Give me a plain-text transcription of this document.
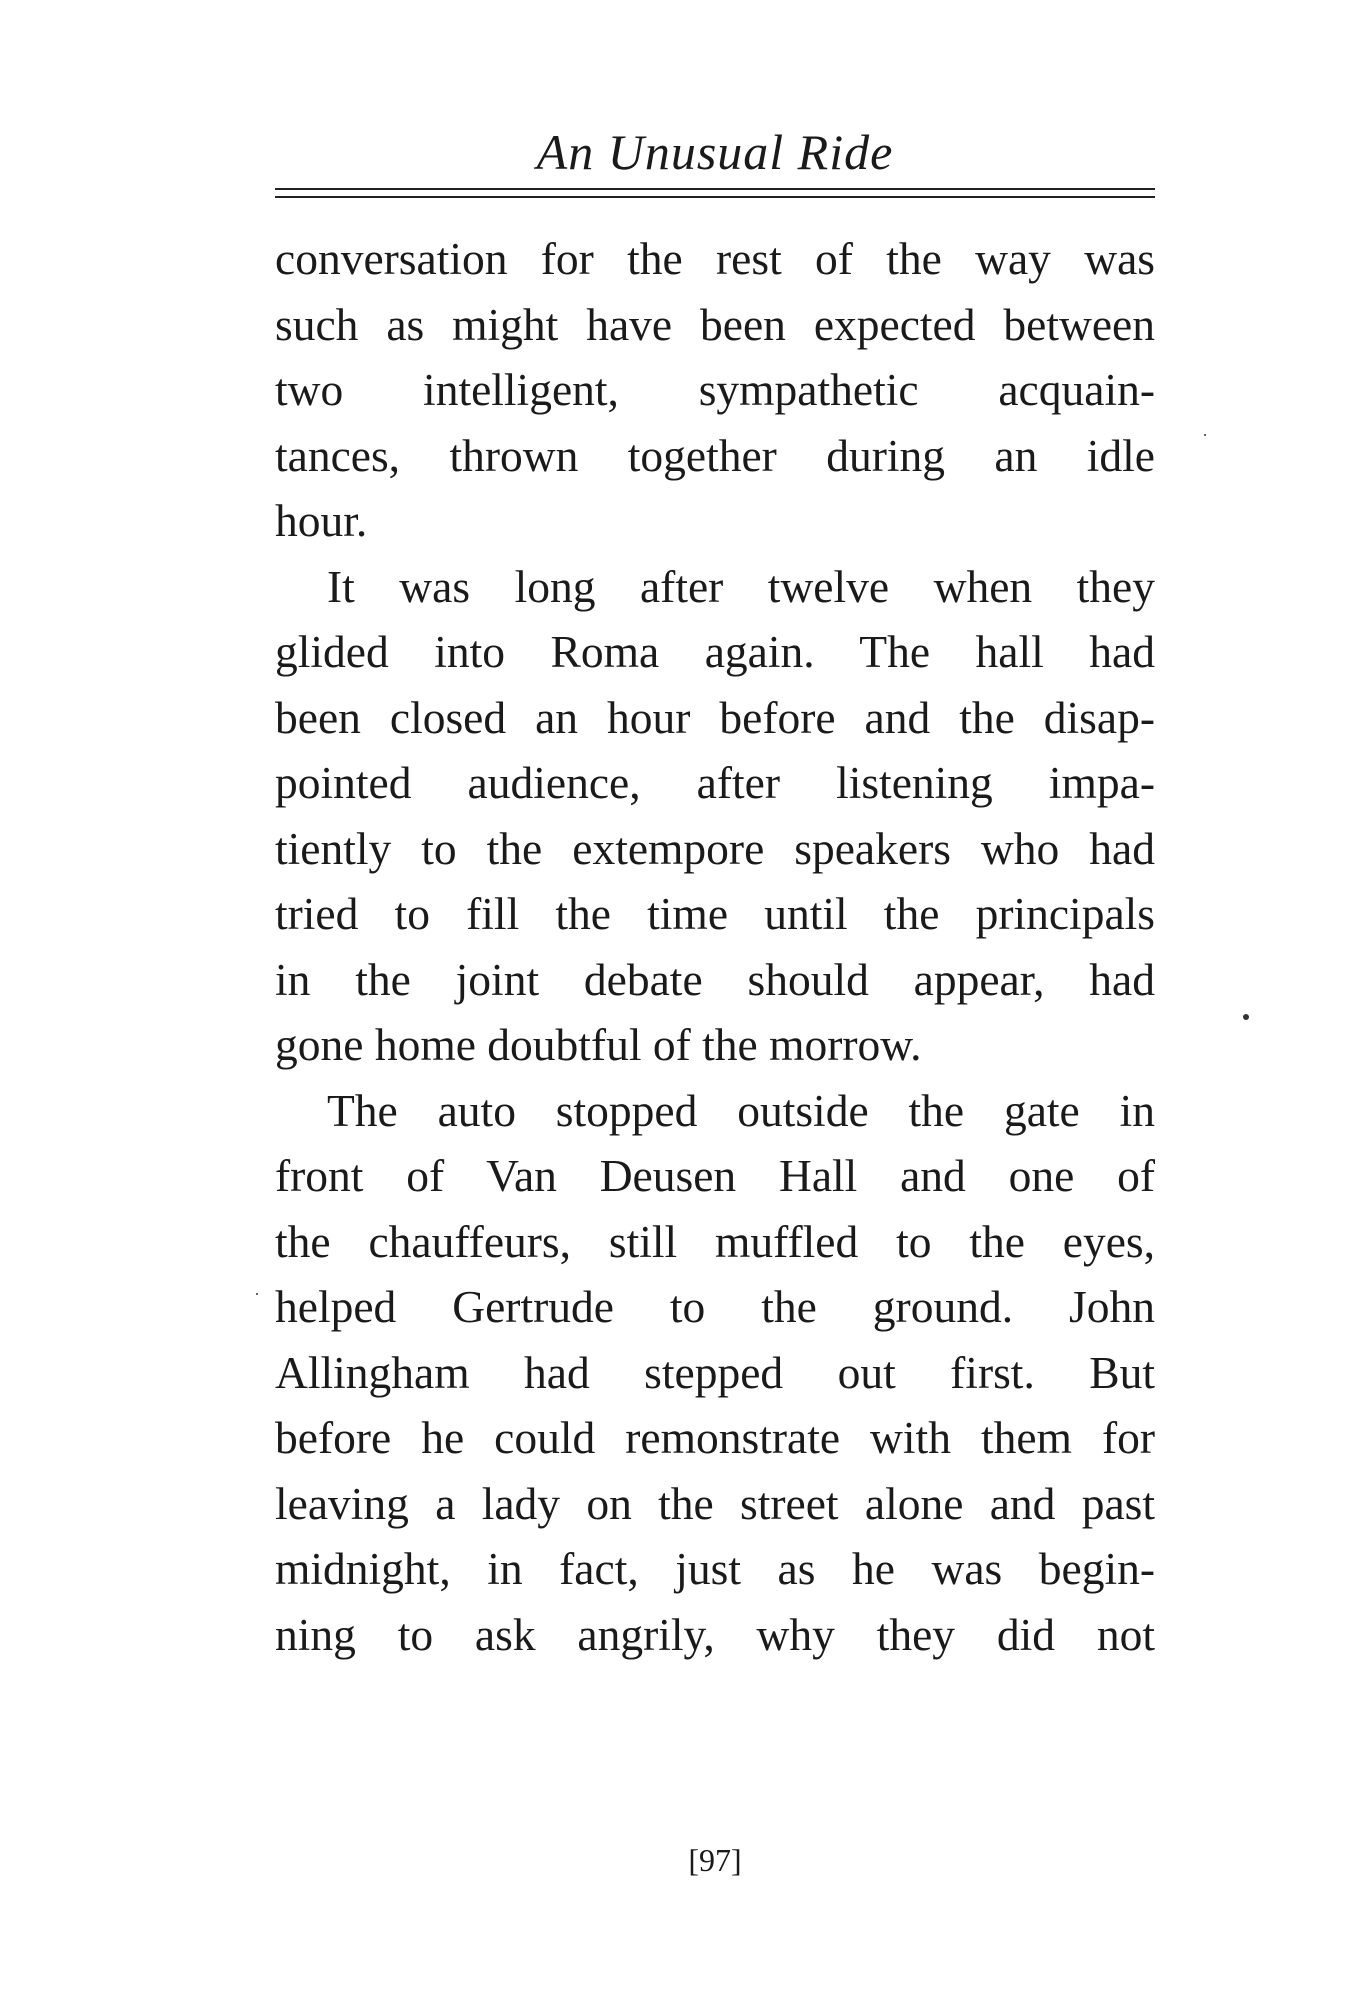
An Unusual Ride
conversation for the rest of the way was
such as might have been expected between
two intelligent, sympathetic acquain-
tances, thrown together during an idle
hour.
It was long after twelve when they
glided into Roma again. The hall had
been closed an hour before and the disap-
pointed audience, after listening impa-
tiently to the extempore speakers who had
tried to fill the time until the principals
in the joint debate should appear, had
gone home doubtful of the morrow.
The auto stopped outside the gate in
front of Van Deusen Hall and one of
the chauffeurs, still muffled to the eyes,
helped Gertrude to the ground. John
Allingham had stepped out first. But
before he could remonstrate with them for
leaving a lady on the street alone and past
midnight, in fact, just as he was begin-
ning to ask angrily, why they did not
[97]
